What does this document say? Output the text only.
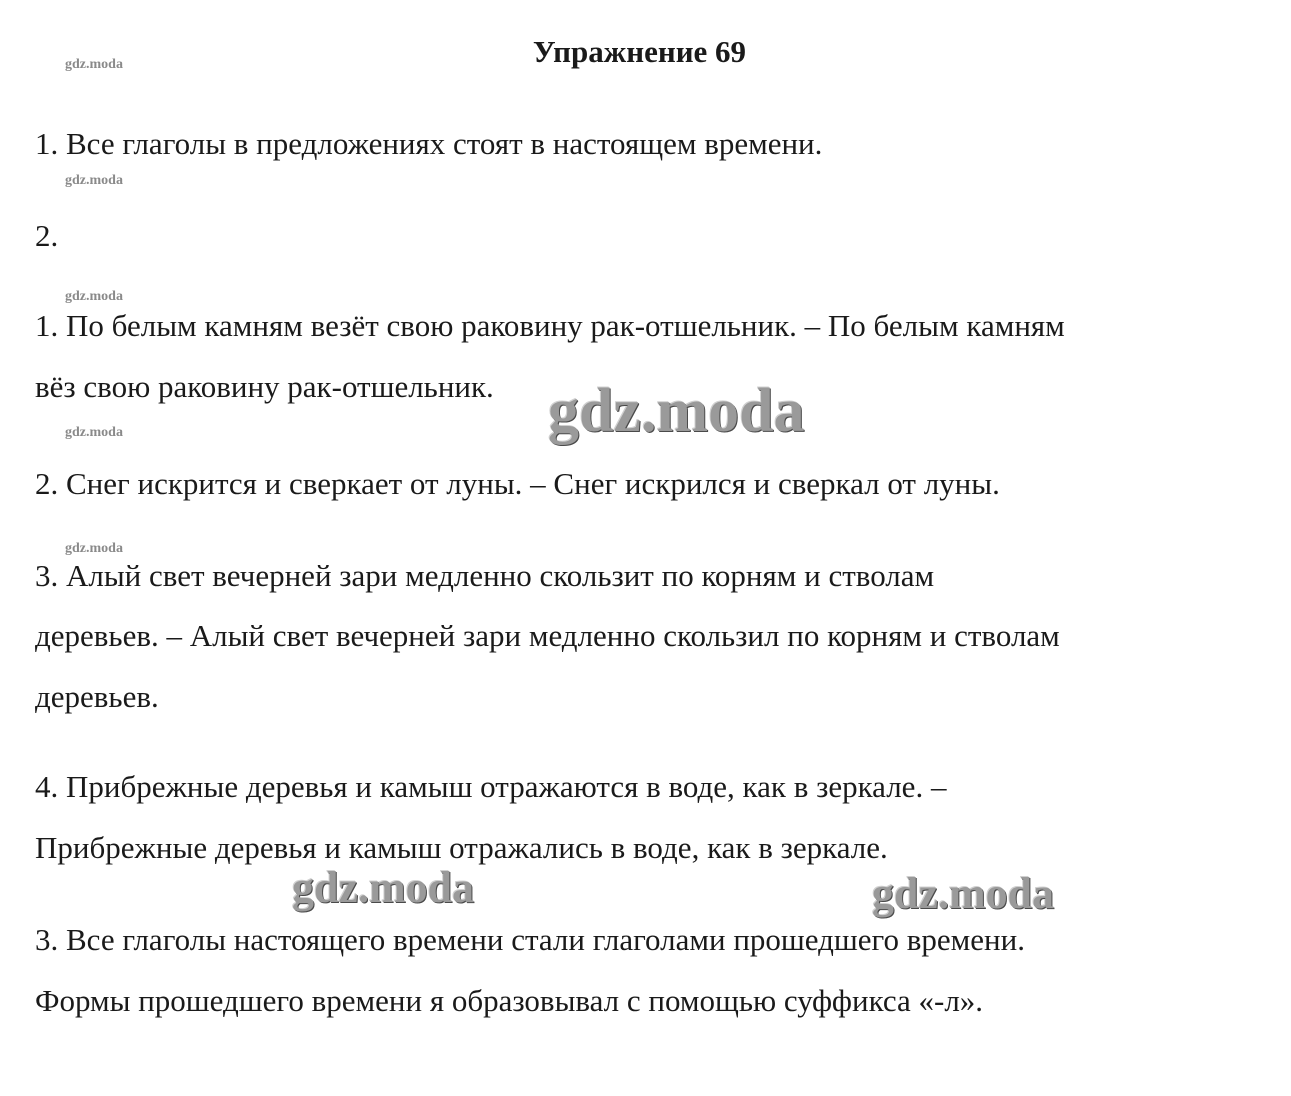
Упражнение 69
gdz.moda
1. Все глаголы в предложениях стоят в настоящем времени.
gdz.moda
2.
gdz.moda
1. По белым камням везёт свою раковину рак-отшельник. – По белым камням
вёз свою раковину рак-отшельник.
gdz.moda
2. Снег искрится и сверкает от луны. – Снег искрился и сверкал от луны.
gdz.moda
3. Алый свет вечерней зари медленно скользит по корням и стволам
деревьев. – Алый свет вечерней зари медленно скользил по корням и стволам
деревьев.
4. Прибрежные деревья и камыш отражаются в воде, как в зеркале. –
Прибрежные деревья и камыш отражались в воде, как в зеркале.
3. Все глаголы настоящего времени стали глаголами прошедшего времени.
Формы прошедшего времени я образовывал с помощью суффикса «-л».
gdz.moda
gdz.moda	gdz.moda
